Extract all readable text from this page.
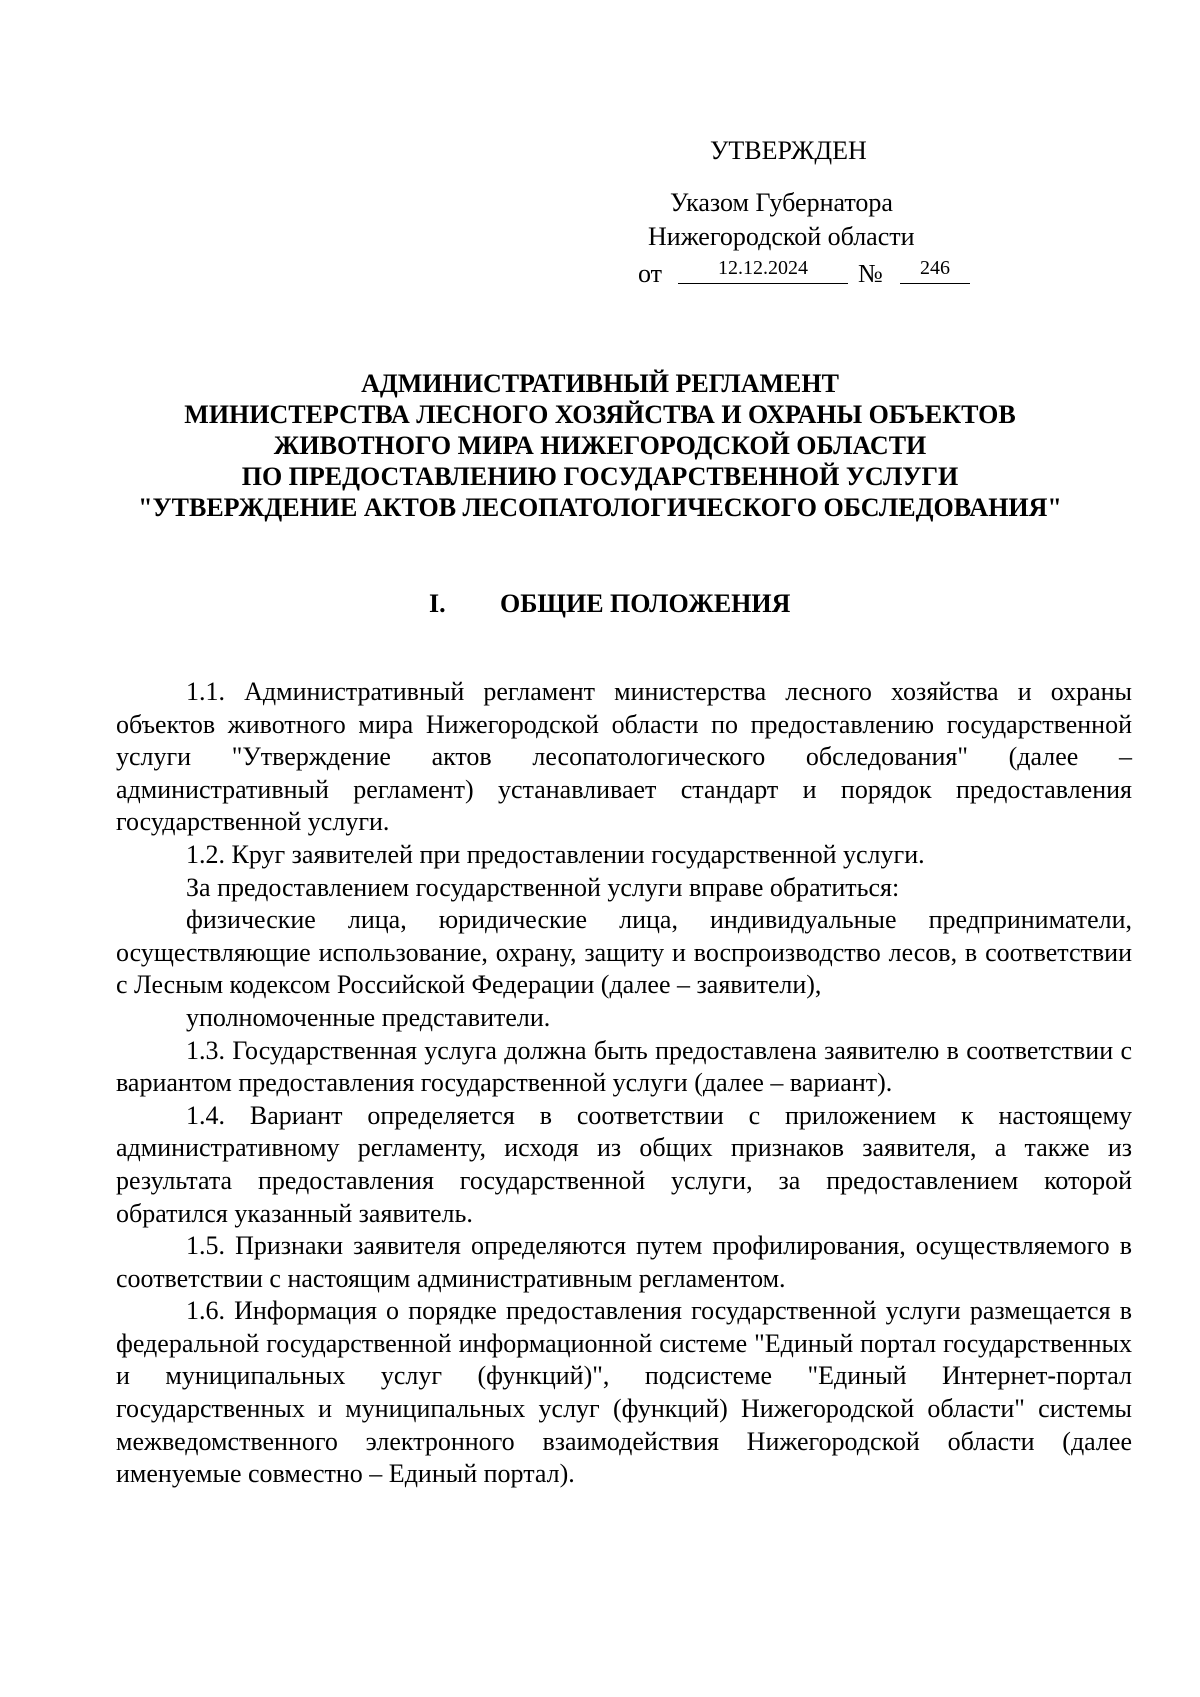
УТВЕРЖДЕН
Указом Губернатора
Нижегородской области
от	12.12.2024	№	246
АДМИНИСТРАТИВНЫЙ РЕГЛАМЕНТ
МИНИСТЕРСТВА ЛЕСНОГО ХОЗЯЙСТВА И ОХРАНЫ ОБЪЕКТОВ
ЖИВОТНОГО МИРА НИЖЕГОРОДСКОЙ ОБЛАСТИ
ПО ПРЕДОСТАВЛЕНИЮ ГОСУДАРСТВЕННОЙ УСЛУГИ
"УТВЕРЖДЕНИЕ АКТОВ ЛЕСОПАТОЛОГИЧЕСКОГО ОБСЛЕДОВАНИЯ"
I. ОБЩИЕ ПОЛОЖЕНИЯ

1.1. Административный регламент министерства лесного хозяйства и охраны объектов животного мира Нижегородской области по предоставлению государственной услуги "Утверждение актов лесопатологического обследования" (далее – административный регламент) устанавливает стандарт и порядок предоставления государственной услуги.

1.2. Круг заявителей при предоставлении государственной услуги.

За предоставлением государственной услуги вправе обратиться:

физические лица, юридические лица, индивидуальные предприниматели, осуществляющие использование, охрану, защиту и воспроизводство лесов, в соответствии с Лесным кодексом Российской Федерации (далее – заявители),

уполномоченные представители.

1.3. Государственная услуга должна быть предоставлена заявителю в соответствии с вариантом предоставления государственной услуги (далее – вариант).

1.4. Вариант определяется в соответствии с приложением к настоящему административному регламенту, исходя из общих признаков заявителя, а также из результата предоставления государственной услуги, за предоставлением которой обратился указанный заявитель.

1.5. Признаки заявителя определяются путем профилирования, осуществляемого в соответствии с настоящим административным регламентом.

1.6. Информация о порядке предоставления государственной услуги размещается в федеральной государственной информационной системе "Единый портал государственных и муниципальных услуг (функций)", подсистеме "Единый Интернет-портал государственных и муниципальных услуг (функций) Нижегородской области" системы межведомственного электронного взаимодействия Нижегородской области (далее именуемые совместно – Единый портал).
